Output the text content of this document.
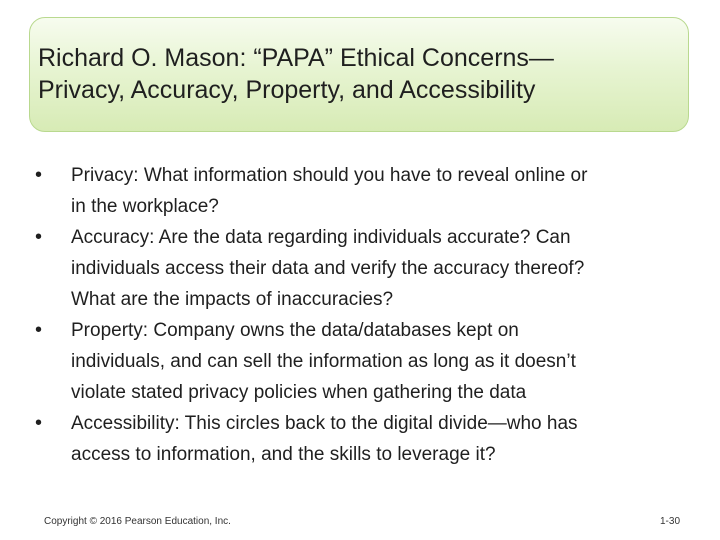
Richard O. Mason: “PAPA” Ethical Concerns—
Privacy, Accuracy, Property, and Accessibility
•	Privacy: What information should you have to reveal online or
in the workplace?
•	Accuracy: Are the data regarding individuals accurate? Can
individuals access their data and verify the accuracy thereof?
What are the impacts of inaccuracies?
•	Property: Company owns the data/databases kept on
individuals, and can sell the information as long as it doesn’t
violate stated privacy policies when gathering the data
•	Accessibility: This circles back to the digital divide—who has
access to information, and the skills to leverage it?
Copyright © 2016 Pearson Education, Inc.	1-30
